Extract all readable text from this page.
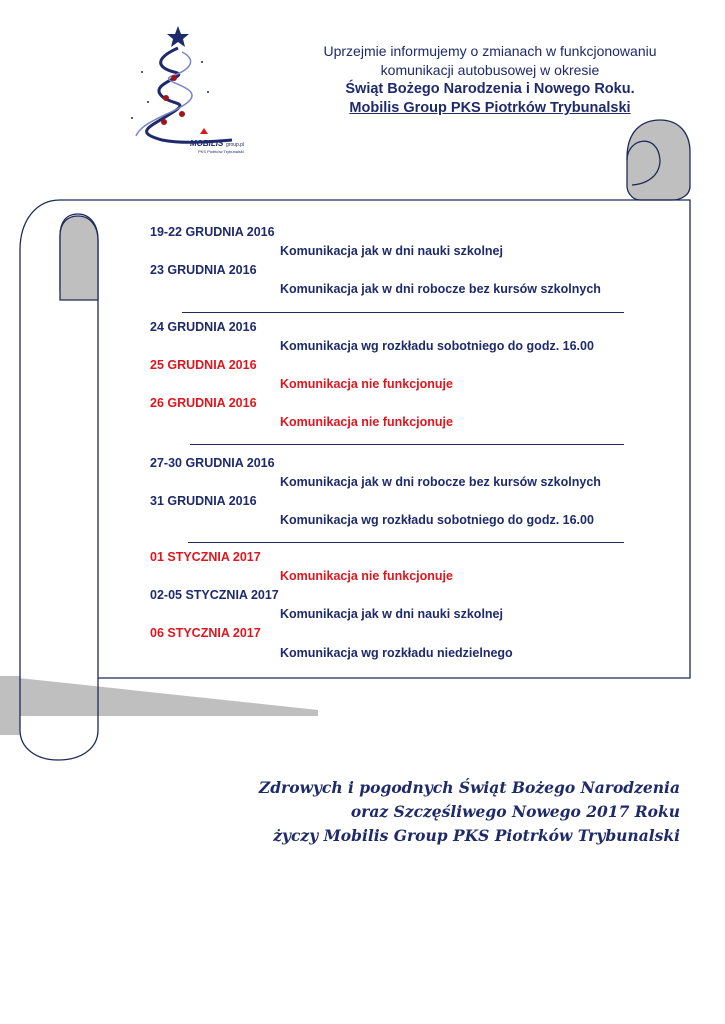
MOBILIS group.pl
PKS Piotrków Trybunalski
Uprzejmie informujemy o zmianach w funkcjonowaniu
komunikacji autobusowej w okresie
Świąt Bożego Narodzenia i Nowego Roku.
Mobilis Group PKS Piotrków Trybunalski
19-22 GRUDNIA 2016
Komunikacja jak w dni nauki szkolnej
23 GRUDNIA 2016
Komunikacja jak w dni robocze bez kursów szkolnych
24 GRUDNIA 2016
Komunikacja wg rozkładu sobotniego do godz. 16.00
25 GRUDNIA 2016
Komunikacja nie funkcjonuje
26 GRUDNIA 2016
Komunikacja nie funkcjonuje
27-30 GRUDNIA 2016
Komunikacja jak w dni robocze bez kursów szkolnych
31 GRUDNIA 2016
Komunikacja wg rozkładu sobotniego do godz. 16.00
01 STYCZNIA 2017
Komunikacja nie funkcjonuje
02-05 STYCZNIA 2017
Komunikacja jak w dni nauki szkolnej
06 STYCZNIA 2017
Komunikacja wg rozkładu niedzielnego
Zdrowych i pogodnych Świąt Bożego Narodzenia
oraz Szczęśliwego Nowego 2017 Roku
życzy Mobilis Group PKS Piotrków Trybunalski
